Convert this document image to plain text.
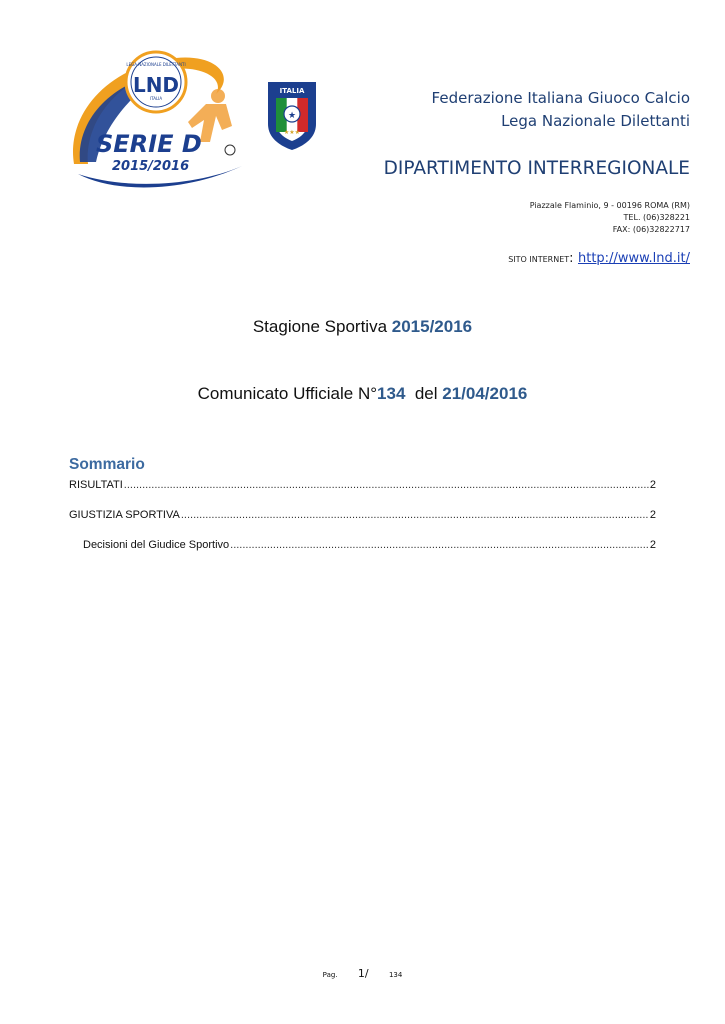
LEGA NAZIONALE DILETTANTI
LND
ITALIA
SERIE D
2015/2016
ITALIA
★
★★★
Federazione Italiana Giuoco Calcio
Lega Nazionale Dilettanti
DIPARTIMENTO INTERREGIONALE
Piazzale Flaminio, 9 - 00196 ROMA (RM)
TEL. (06)328221
FAX: (06)32822717
SITO INTERNET: http://www.lnd.it/
Stagione Sportiva 2015/2016
Comunicato Ufficiale N°134  del 21/04/2016
Sommario
RISULTATI .....	2
GIUSTIZIA SPORTIVA .....	2
Decisioni del Giudice Sportivo .....	2
Pag. 1/	134
